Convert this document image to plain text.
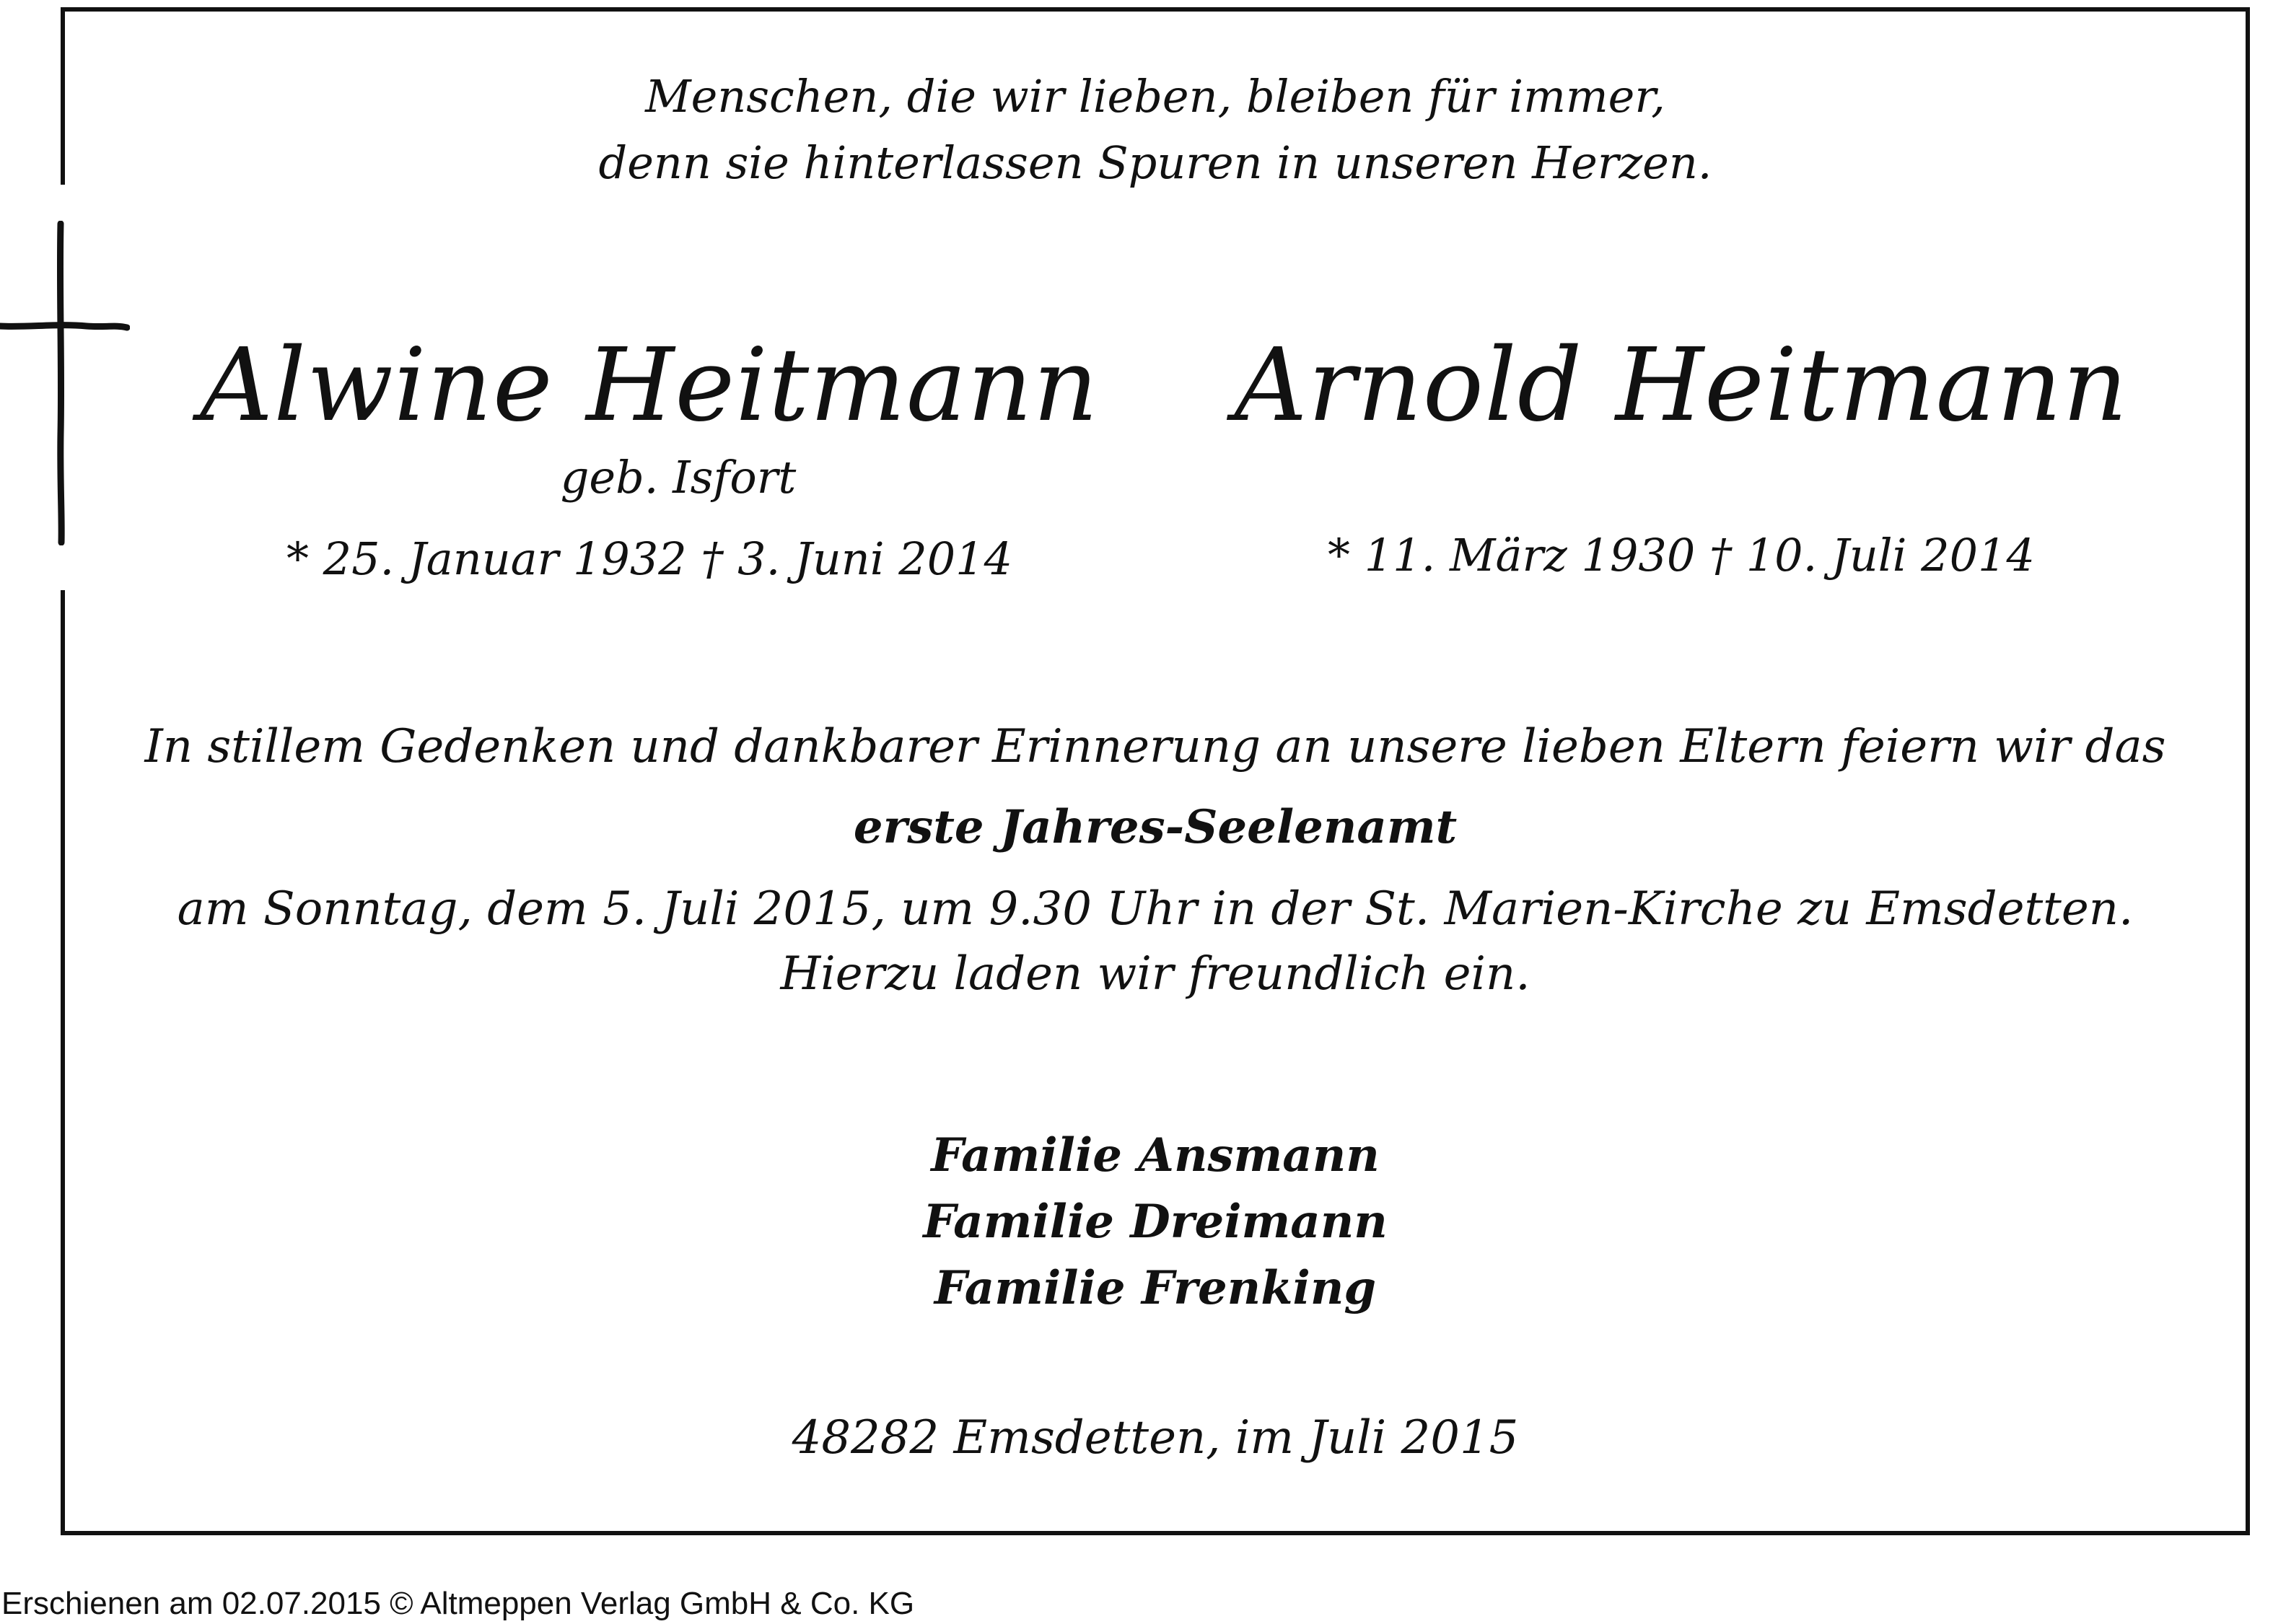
Menschen, die wir lieben, bleiben für immer,
denn sie hinterlassen Spuren in unseren Herzen.
Alwine Heitmann
geb. Isfort
* 25. Januar 1932 † 3. Juni 2014
Arnold Heitmann
* 11. März 1930 † 10. Juli 2014
In stillem Gedenken und dankbarer Erinnerung an unsere lieben Eltern feiern wir das
erste Jahres-Seelenamt
am Sonntag, dem 5. Juli 2015, um 9.30 Uhr in der St. Marien-Kirche zu Emsdetten.
Hierzu laden wir freundlich ein.
Familie Ansmann
Familie Dreimann
Familie Frenking
48282 Emsdetten, im Juli 2015
Erschienen am 02.07.2015 © Altmeppen Verlag GmbH & Co. KG
